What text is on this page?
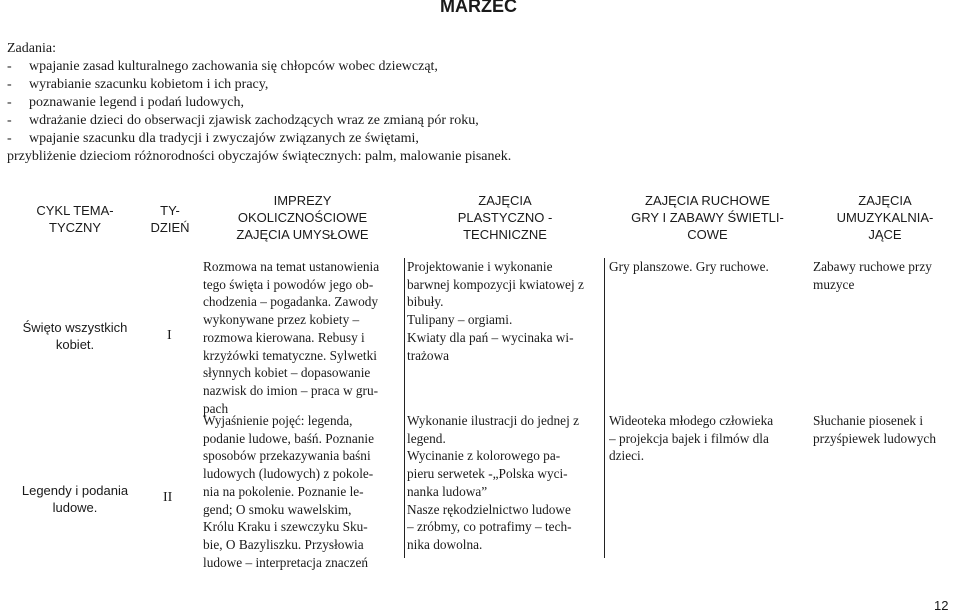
MARZEC

Zadania:

- wpajanie zasad kulturalnego zachowania się chłopców wobec dziewcząt,
- wyrabianie szacunku kobietom i ich pracy,
- poznawanie legend i podań ludowych,
- wdrażanie dzieci do obserwacji zjawisk zachodzących wraz ze zmianą pór roku,
- wpajanie szacunku dla tradycji i zwyczajów związanych ze świętami,

przybliżenie dzieciom różnorodności obyczajów świątecznych: palm, malowanie pisanek.

CYKL TEMA-
TYCZNY
TY-
DZIEŃ
IMPREZY
OKOLICZNOŚCIOWE
ZAJĘCIA UMYSŁOWE
ZAJĘCIA
PLASTYCZNO -
TECHNICZNE
ZAJĘCIA RUCHOWE
GRY I ZABAWY ŚWIETLI-
COWE
ZAJĘCIA
UMUZYKALNIA-
JĄCE
Święto wszystkich
kobiet.
I

Rozmowa na temat ustanowienia

tego święta i powodów jego ob-

chodzenia – pogadanka. Zawody

wykonywane przez kobiety –

rozmowa kierowana. Rebusy i

krzyżówki tematyczne. Sylwetki

słynnych kobiet – dopasowanie

nazwisk do imion – praca w gru-

pach

Projektowanie i wykonanie

barwnej kompozycji kwiatowej z

bibuły.

Tulipany – orgiami.

Kwiaty dla pań – wycinaka wi-

trażowa

Gry planszowe. Gry ruchowe.	Zabawy ruchowe przy

muzyce

Legendy i podania
ludowe.
II

Wyjaśnienie pojęć: legenda,

podanie ludowe, baśń. Poznanie

sposobów przekazywania baśni

ludowych (ludowych) z pokole-

nia na pokolenie. Poznanie le-

gend; O smoku wawelskim,

Królu Kraku i szewczyku Sku-

bie, O Bazyliszku. Przysłowia

ludowe – interpretacja znaczeń

Wykonanie ilustracji do jednej z

legend.

Wycinanie z kolorowego pa-

pieru serwetek -„Polska wyci-

nanka ludowa”

Nasze rękodzielnictwo ludowe

– zróbmy, co potrafimy – tech-

nika dowolna.

Wideoteka młodego człowieka

– projekcja bajek i filmów dla

dzieci.

Słuchanie piosenek i

przyśpiewek ludowych

12
